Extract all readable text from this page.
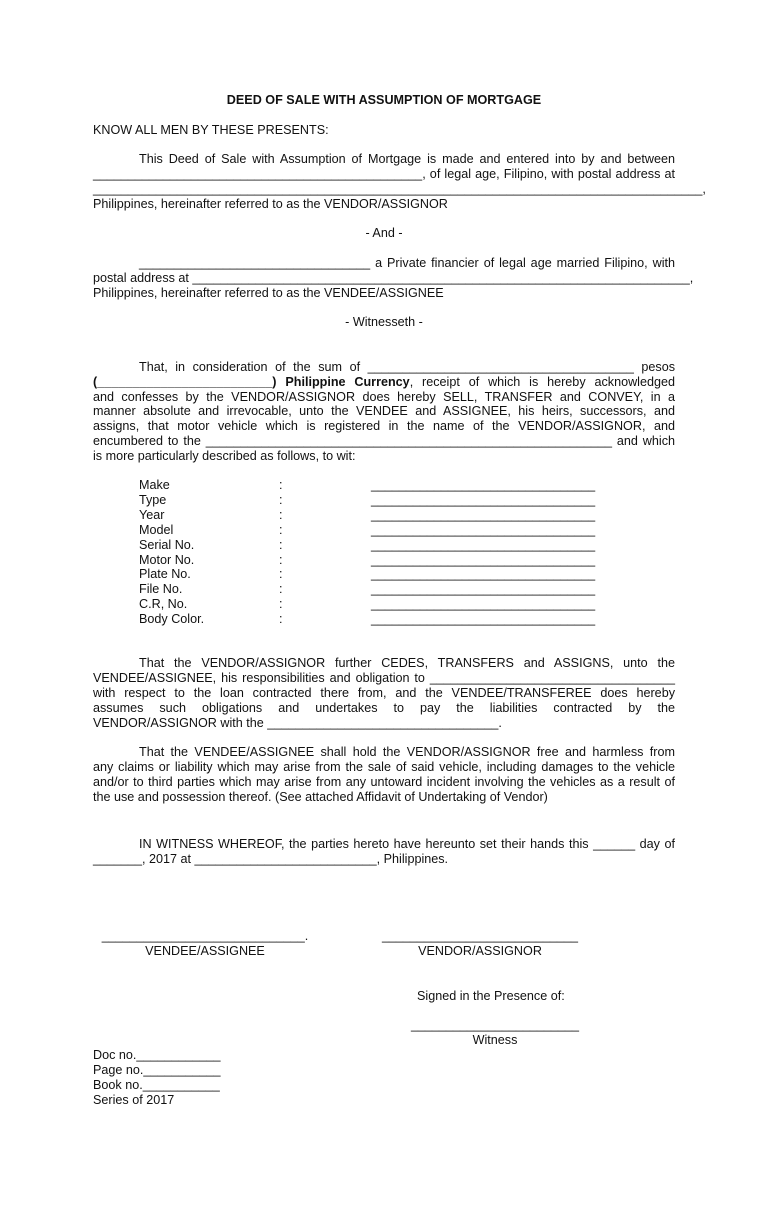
DEED OF SALE WITH ASSUMPTION OF MORTGAGE
KNOW ALL MEN BY THESE PRESENTS:
This Deed of Sale with Assumption of Mortgage is made and entered into by and between
_______________________________________________, of legal age, Filipino, with postal address at
_______________________________________________________________________________________,
Philippines, hereinafter referred to as the VENDOR/ASSIGNOR
- And -
_________________________________ a Private financier of legal age married Filipino, with
postal address at _______________________________________________________________________,
Philippines, hereinafter referred to as the VENDEE/ASSIGNEE
- Witnesseth -
That, in consideration of the sum of ______________________________________ pesos
(_________________________) Philippine Currency, receipt of which is hereby acknowledged
and confesses by the VENDOR/ASSIGNOR does hereby SELL, TRANSFER and CONVEY, in a
manner absolute and irrevocable, unto the VENDEE and ASSIGNEE, his heirs, successors, and
assigns, that motor vehicle which is registered in the name of the VENDOR/ASSIGNOR, and
encumbered to the __________________________________________________________ and which
is more particularly described as follows, to wit:
Make	:	________________________________
Type	:	________________________________
Year	:	________________________________
Model	:	________________________________
Serial No.	:	________________________________
Motor No.	:	________________________________
Plate No.	:	________________________________
File No.	:	________________________________
C.R, No.	:	________________________________
Body Color.	:	________________________________
That the VENDOR/ASSIGNOR further CEDES, TRANSFERS and ASSIGNS, unto the
VENDEE/ASSIGNEE, his responsibilities and obligation to ___________________________________
with respect to the loan contracted there from, and the VENDEE/TRANSFEREE does hereby
assumes such obligations and undertakes to pay the liabilities contracted by the
VENDOR/ASSIGNOR with the _________________________________.
That the VENDEE/ASSIGNEE shall hold the VENDOR/ASSIGNOR free and harmless from
any claims or liability which may arise from the sale of said vehicle, including damages to the vehicle
and/or to third parties which may arise from any untoward incident involving the vehicles as a result of
the use and possession thereof. (See attached Affidavit of Undertaking of Vendor)
IN WITNESS WHEREOF, the parties hereto have hereunto set their hands this ______ day of
_______, 2017 at __________________________, Philippines.
_____________________________.
VENDEE/ASSIGNEE
____________________________
VENDOR/ASSIGNOR
Signed in the Presence of:
________________________
Witness
Doc no.____________
Page no.___________
Book no.___________
Series of 2017
